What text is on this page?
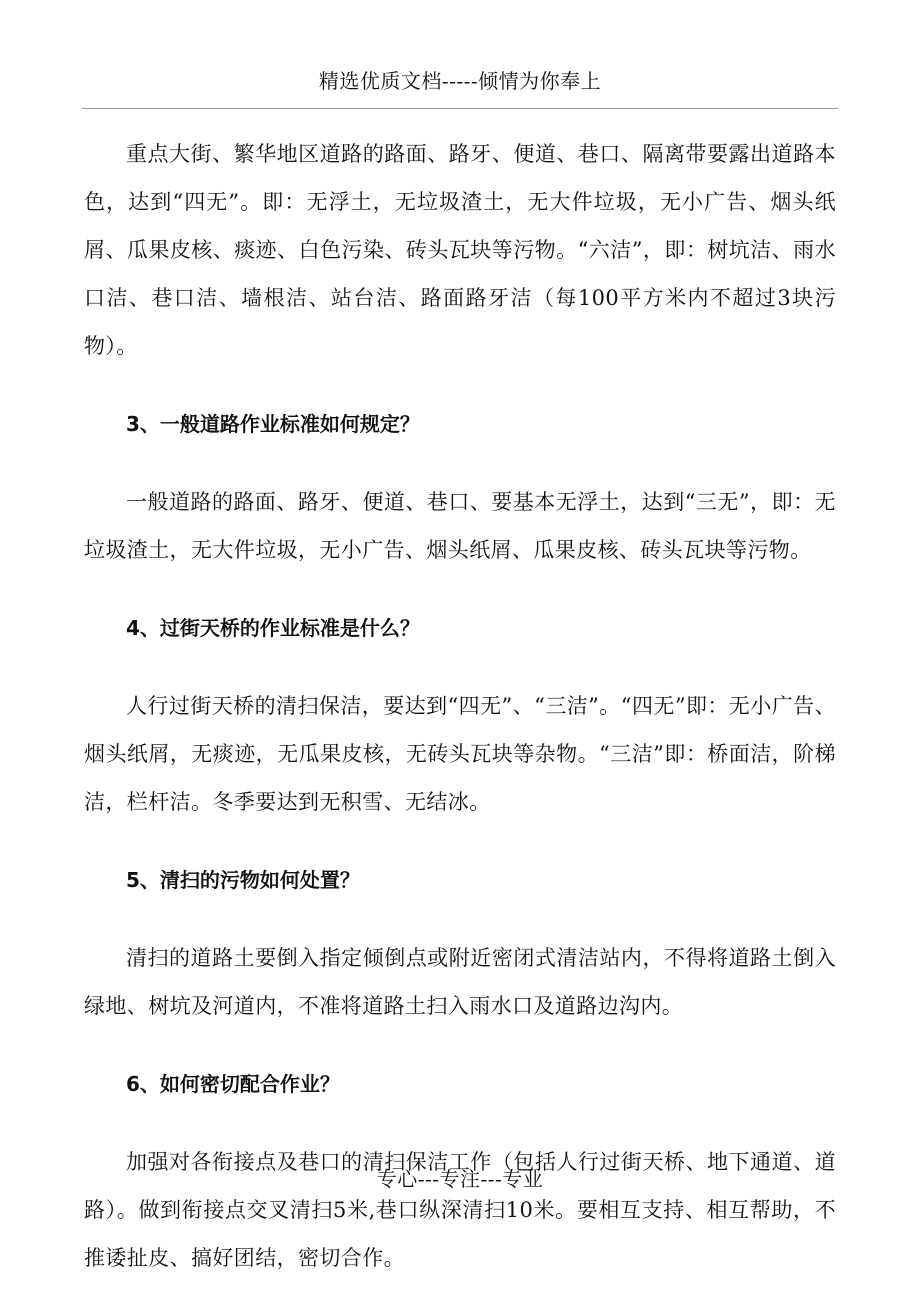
精选优质文档-----倾情为你奉上

重点大街、繁华地区道路的路面、路牙、便道、巷口、隔离带要露出道路本色，达到“四无”。即：无浮土，无垃圾渣土，无大件垃圾，无小广告、烟头纸屑、瓜果皮核、痰迹、白色污染、砖头瓦块等污物。“六洁”，即：树坑洁、雨水口洁、巷口洁、墙根洁、站台洁、路面路牙洁（每100平方米内不超过3块污物）。

3、一般道路作业标准如何规定？

一般道路的路面、路牙、便道、巷口、要基本无浮土，达到“三无”，即：无垃圾渣土，无大件垃圾，无小广告、烟头纸屑、瓜果皮核、砖头瓦块等污物。

4、过街天桥的作业标准是什么？

人行过街天桥的清扫保洁，要达到“四无”、“三洁”。“四无”即：无小广告、烟头纸屑，无痰迹，无瓜果皮核，无砖头瓦块等杂物。“三洁”即：桥面洁，阶梯洁，栏杆洁。冬季要达到无积雪、无结冰。

5、清扫的污物如何处置？

清扫的道路土要倒入指定倾倒点或附近密闭式清洁站内，不得将道路土倒入绿地、树坑及河道内，不准将道路土扫入雨水口及道路边沟内。

6、如何密切配合作业？

加强对各衔接点及巷口的清扫保洁工作（包括人行过街天桥、地下通道、道路）。做到衔接点交叉清扫5米,巷口纵深清扫10米。要相互支持、相互帮助，不推诿扯皮、搞好团结，密切合作。

专心---专注---专业
